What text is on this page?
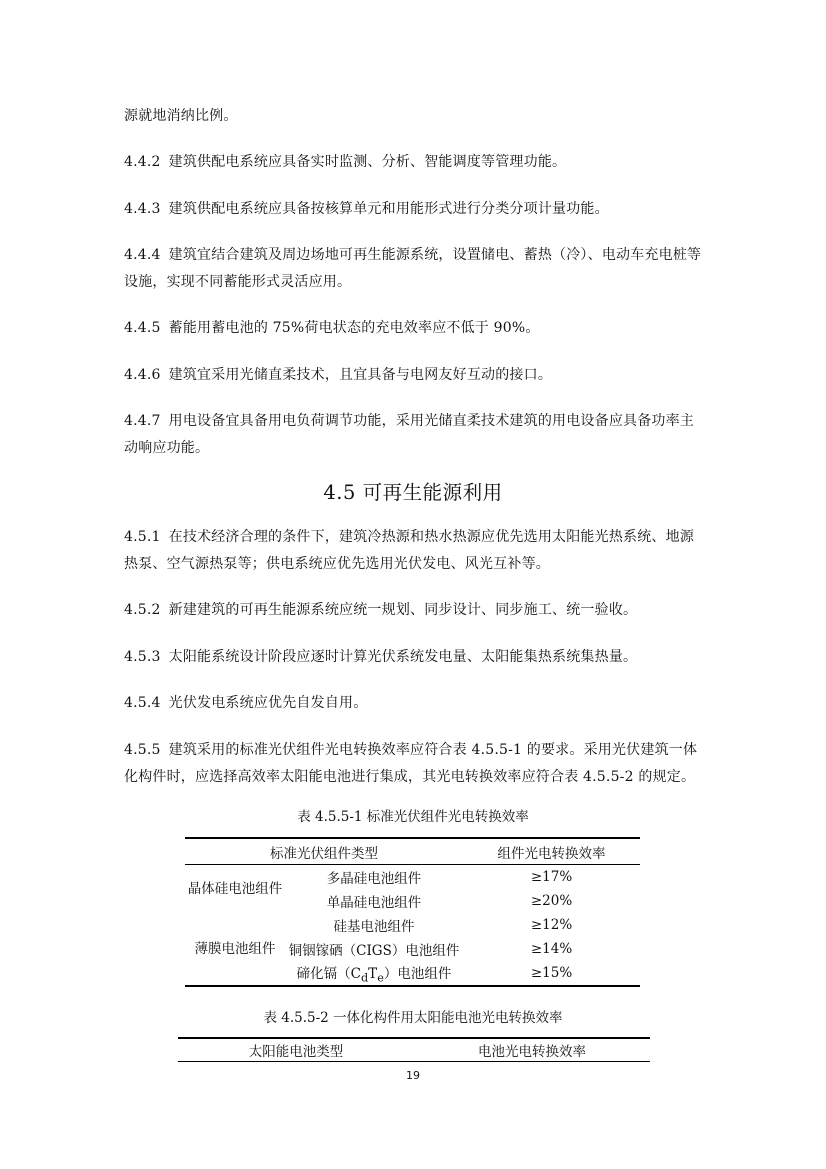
源就地消纳比例。
4.4.2 建筑供配电系统应具备实时监测、分析、智能调度等管理功能。
4.4.3 建筑供配电系统应具备按核算单元和用能形式进行分类分项计量功能。
4.4.4 建筑宜结合建筑及周边场地可再生能源系统，设置储电、蓄热（冷）、电动车充电桩等设施，实现不同蓄能形式灵活应用。
4.4.5 蓄能用蓄电池的 75%荷电状态的充电效率应不低于 90%。
4.4.6 建筑宜采用光储直柔技术，且宜具备与电网友好互动的接口。
4.4.7 用电设备宜具备用电负荷调节功能，采用光储直柔技术建筑的用电设备应具备功率主动响应功能。
4.5 可再生能源利用
4.5.1 在技术经济合理的条件下，建筑冷热源和热水热源应优先选用太阳能光热系统、地源热泵、空气源热泵等；供电系统应优先选用光伏发电、风光互补等。
4.5.2 新建建筑的可再生能源系统应统一规划、同步设计、同步施工、统一验收。
4.5.3 太阳能系统设计阶段应逐时计算光伏系统发电量、太阳能集热系统集热量。
4.5.4 光伏发电系统应优先自发自用。
4.5.5 建筑采用的标准光伏组件光电转换效率应符合表 4.5.5-1 的要求。采用光伏建筑一体化构件时，应选择高效率太阳能电池进行集成，其光电转换效率应符合表 4.5.5-2 的规定。
表 4.5.5-1 标准光伏组件光电转换效率
标准光伏组件类型		组件光电转换效率
晶体硅电池组件	多晶硅电池组件	≥17%
	单晶硅电池组件	≥20%
薄膜电池组件	硅基电池组件	≥12%
	铜铟镓硒（CIGS）电池组件	≥14%
	碲化镉$(C_dT_e)$电池组件	≥15%
表 4.5.5-2 一体化构件用太阳能电池光电转换效率
太阳能电池类型	电池光电转换效率
19
